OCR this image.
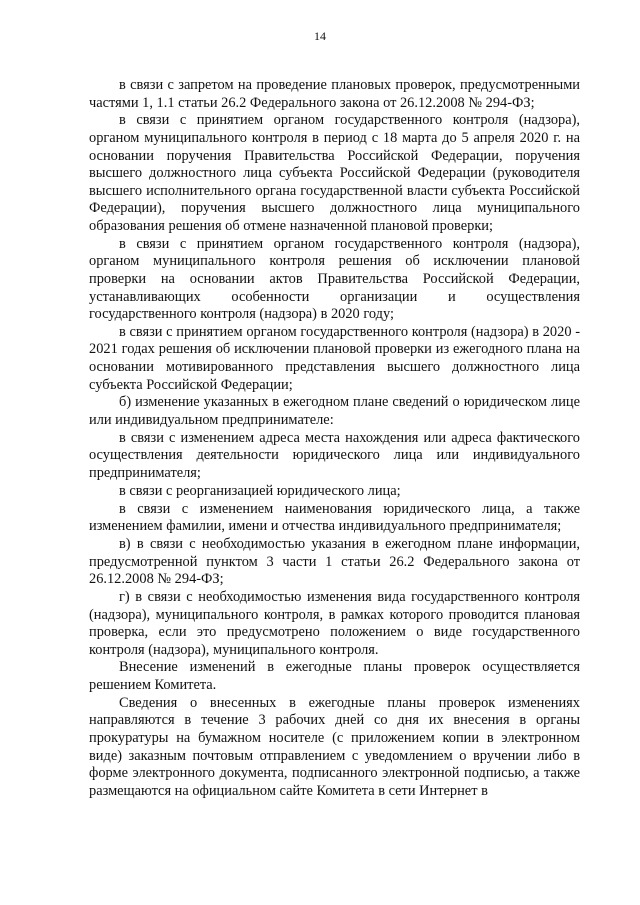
14

в связи с запретом на проведение плановых проверок, предусмотренными частями 1, 1.1 статьи 26.2 Федерального закона от 26.12.2008 № 294-ФЗ;

в связи с принятием органом государственного контроля (надзора), органом муниципального контроля в период с 18 марта до 5 апреля 2020 г. на основании поручения Правительства Российской Федерации, поручения высшего должностного лица субъекта Российской Федерации (руководителя высшего исполнительного органа государственной власти субъекта Российской Федерации), поручения высшего должностного лица муниципального образования решения об отмене назначенной плановой проверки;

в связи с принятием органом государственного контроля (надзора), органом муниципального контроля решения об исключении плановой проверки на основании актов Правительства Российской Федерации, устанавливающих особенности организации и осуществления государственного контроля (надзора) в 2020 году;

в связи с принятием органом государственного контроля (надзора) в 2020 - 2021 годах решения об исключении плановой проверки из ежегодного плана на основании мотивированного представления высшего должностного лица субъекта Российской Федерации;

б) изменение указанных в ежегодном плане сведений о юридическом лице или индивидуальном предпринимателе:

в связи с изменением адреса места нахождения или адреса фактического осуществления деятельности юридического лица или индивидуального предпринимателя;

в связи с реорганизацией юридического лица;

в связи с изменением наименования юридического лица, а также изменением фамилии, имени и отчества индивидуального предпринимателя;

в) в связи с необходимостью указания в ежегодном плане информации, предусмотренной пунктом 3 части 1 статьи 26.2 Федерального закона от 26.12.2008 № 294-ФЗ;

г) в связи с необходимостью изменения вида государственного контроля (надзора), муниципального контроля, в рамках которого проводится плановая проверка, если это предусмотрено положением о виде государственного контроля (надзора), муниципального контроля.

Внесение изменений в ежегодные планы проверок осуществляется решением Комитета.

Сведения о внесенных в ежегодные планы проверок изменениях направляются в течение 3 рабочих дней со дня их внесения в органы прокуратуры на бумажном носителе (с приложением копии в электронном виде) заказным почтовым отправлением с уведомлением о вручении либо в форме электронного документа, подписанного электронной подписью, а также размещаются на официальном сайте Комитета в сети Интернет в
